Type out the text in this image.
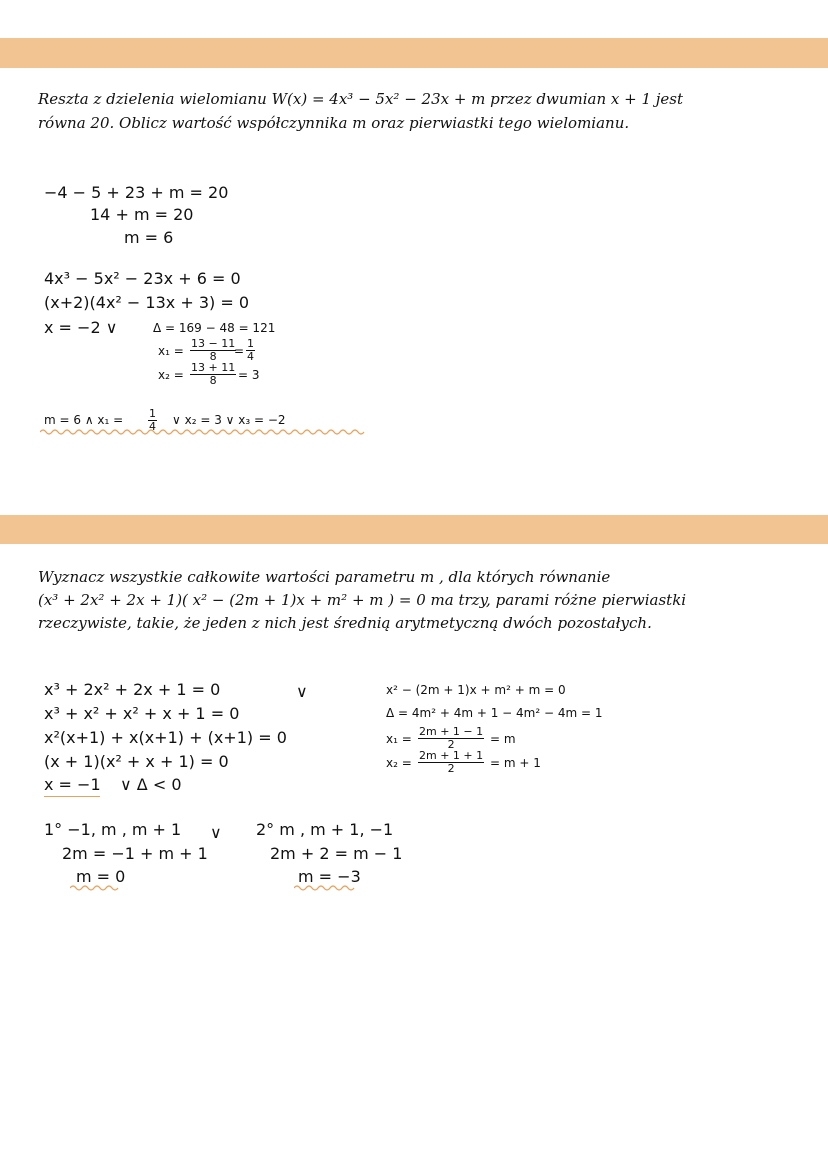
Reszta z dzielenia wielomianu W(x) = 4x³ − 5x² − 23x + m przez dwumian x + 1 jest
równa 20. Oblicz wartość współczynnika m oraz pierwiastki tego wielomianu.
−4 − 5 + 23 + m = 20
14 + m = 20
m = 6
4x³ − 5x² − 23x + 6 = 0
(x+2)(4x² − 13x + 3) = 0
x = −2 ∨	Δ = 169 − 48 = 121
$x_1 = \frac{13 - 11}{8}$
= $\frac{1}{4}$
$x_2 = \frac{13 + 11}{8} = 3$
m = 6 ∧ $x_1 = \frac{1}{4}$ ∨ x₂ = 3 ∨ x₃ = −2
Wyznacz wszystkie całkowite wartości parametru m , dla których równanie
(x³ + 2x² + 2x + 1)( x² − (2m + 1)x + m² + m ) = 0 ma trzy, parami różne pierwiastki
rzeczywiste, takie, że jeden z nich jest średnią arytmetyczną dwóch pozostałych.
x³ + 2x² + 2x + 1 = 0
x³ + x² + x² + x + 1 = 0
x²(x+1) + x(x+1) + (x+1) = 0
(x + 1)(x² + x + 1) = 0
x = −1 ∨ Δ < 0
∨	x² − (2m + 1)x + m² + m = 0
Δ = 4m² + 4m + 1 − 4m² − 4m = 1
$x_1 = \frac{2m + 1 - 1}{2} = m$
$x_2 = \frac{2m + 1 + 1}{2} = m + 1$
1° −1, m , m + 1
2m = −1 + m + 1
m = 0
∨ 2° m , m + 1, −1
2m + 2 = m − 1
m = −3
